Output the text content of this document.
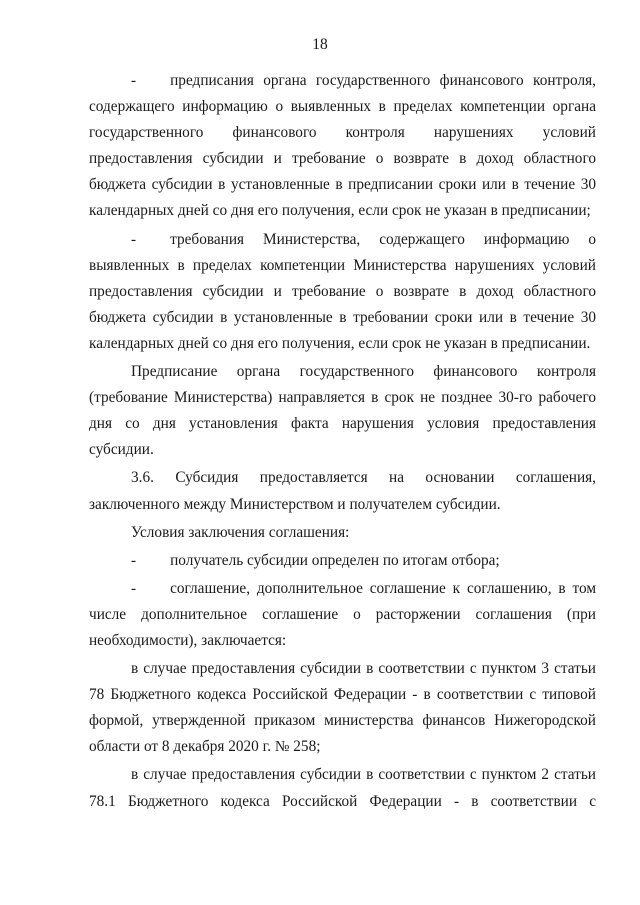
18

- предписания органа государственного финансового контроля, содержащего информацию о выявленных в пределах компетенции органа государственного финансового контроля нарушениях условий предоставления субсидии и требование о возврате в доход областного бюджета субсидии в установленные в предписании сроки или в течение 30 календарных дней со дня его получения, если срок не указан в предписании;

- требования Министерства, содержащего информацию о выявленных в пределах компетенции Министерства нарушениях условий предоставления субсидии и требование о возврате в доход областного бюджета субсидии в установленные в требовании сроки или в течение 30 календарных дней со дня его получения, если срок не указан в предписании.

Предписание органа государственного финансового контроля (требование Министерства) направляется в срок не позднее 30-го рабочего дня со дня установления факта нарушения условия предоставления субсидии.

3.6. Субсидия предоставляется на основании соглашения, заключенного между Министерством и получателем субсидии.

Условия заключения соглашения:

- получатель субсидии определен по итогам отбора;

- соглашение, дополнительное соглашение к соглашению, в том числе дополнительное соглашение о расторжении соглашения (при необходимости), заключается:

в случае предоставления субсидии в соответствии с пунктом 3 статьи 78 Бюджетного кодекса Российской Федерации - в соответствии с типовой формой, утвержденной приказом министерства финансов Нижегородской области от 8 декабря 2020 г. № 258;

в случае предоставления субсидии в соответствии с пунктом 2 статьи 78.1 Бюджетного кодекса Российской Федерации - в соответствии с
